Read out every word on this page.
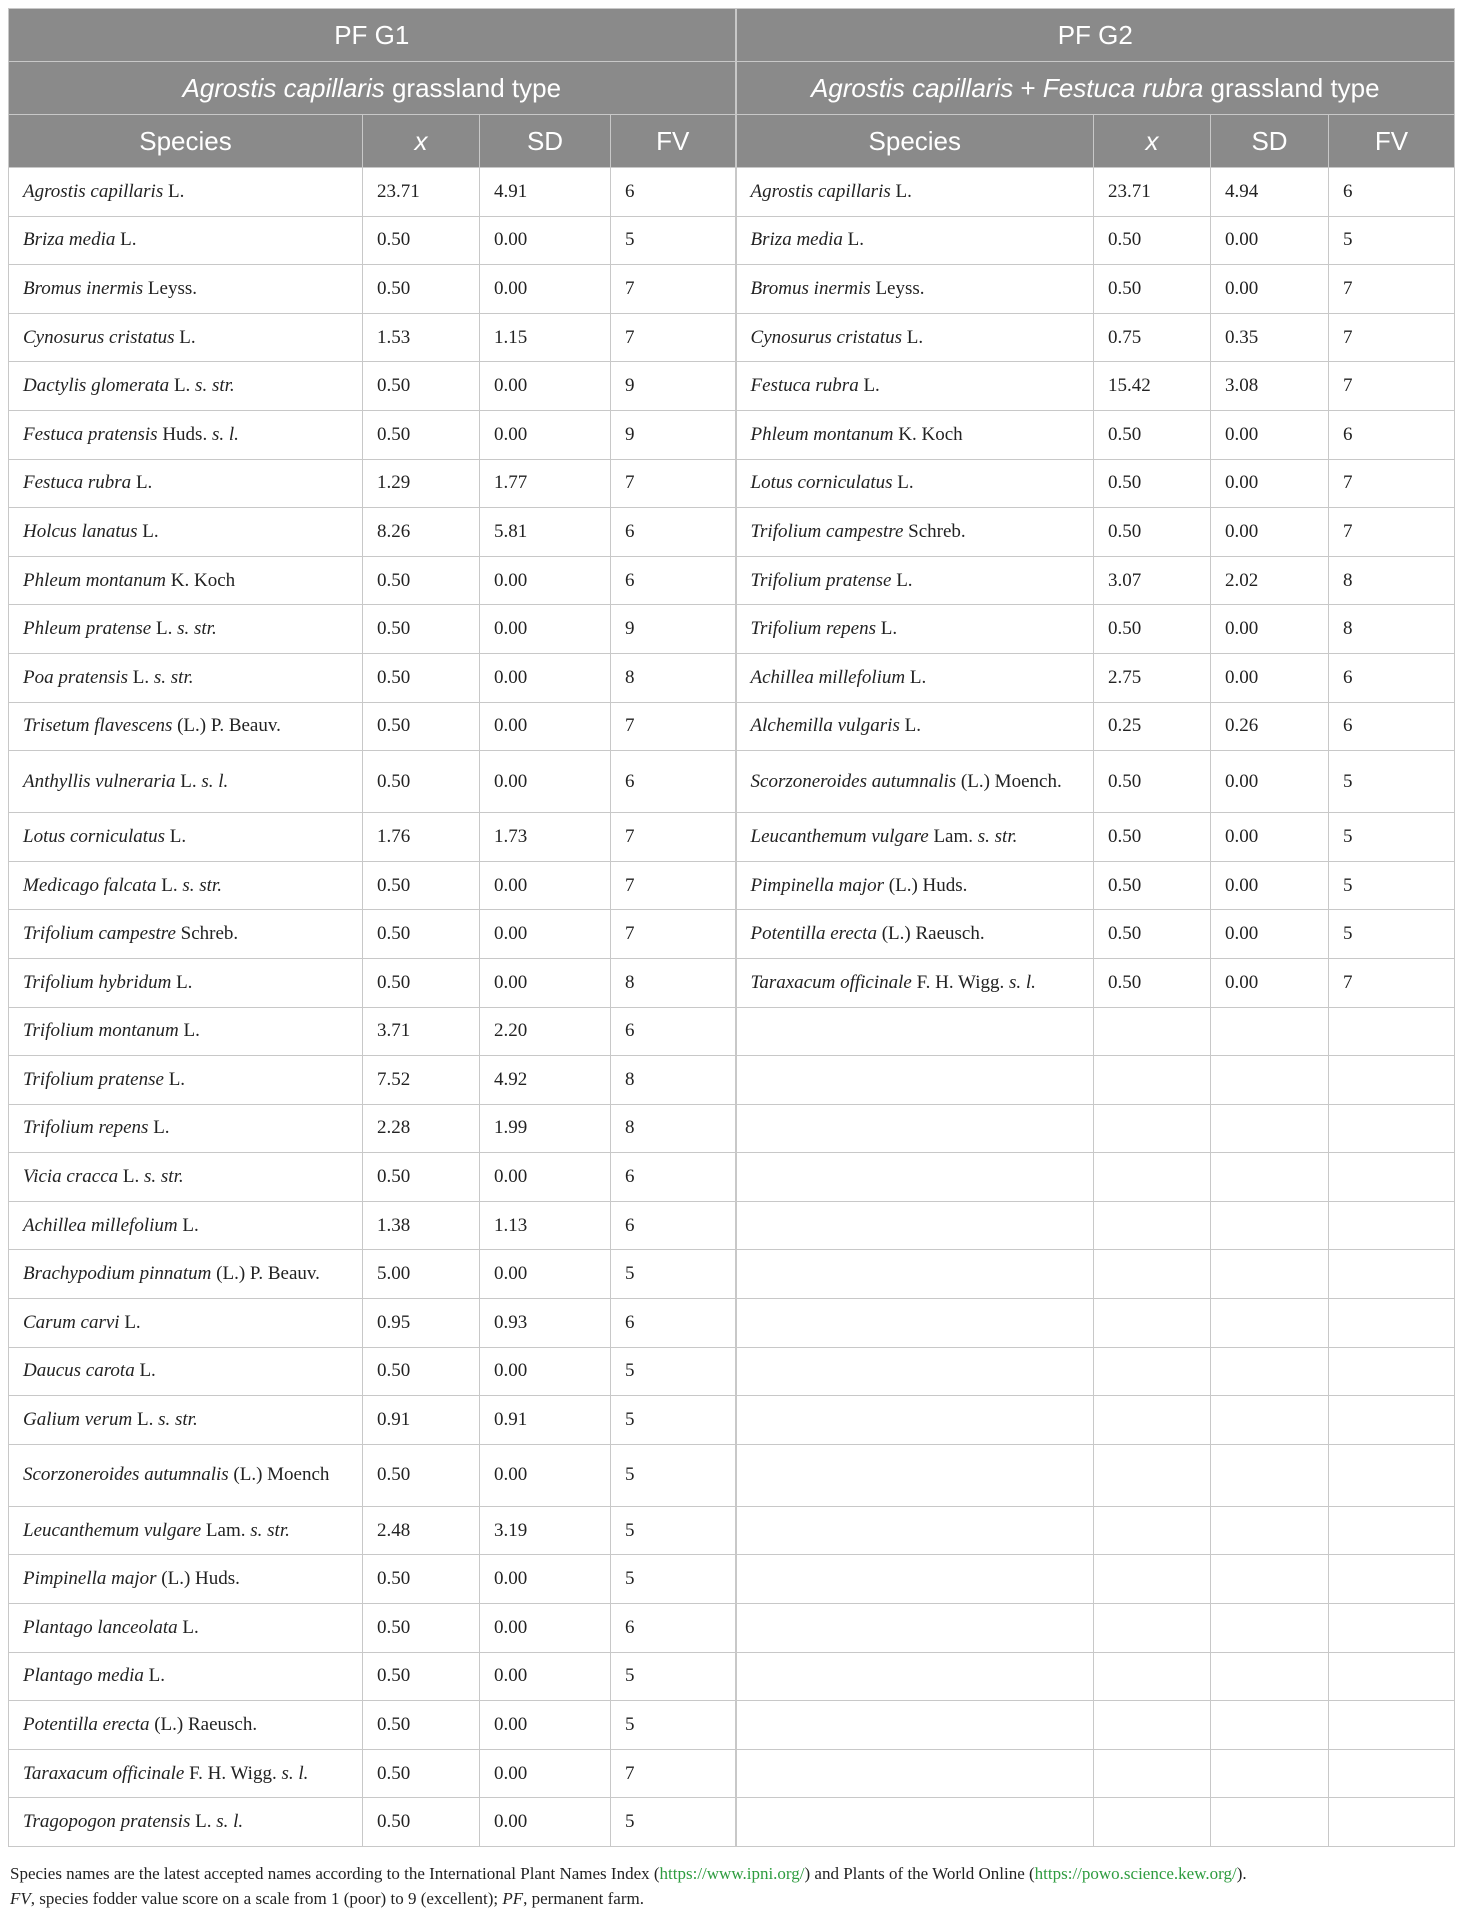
PF G1				PF G2			
Agrostis capillaris grassland type				Agrostis capillaris + Festuca rubra grassland type			
Species	x	SD	FV	Species	x	SD	FV
Agrostis capillaris L.	23.71	4.91	6	Agrostis capillaris L.	23.71	4.94	6
Briza media L.	0.50	0.00	5	Briza media L.	0.50	0.00	5
Bromus inermis Leyss.	0.50	0.00	7	Bromus inermis Leyss.	0.50	0.00	7
Cynosurus cristatus L.	1.53	1.15	7	Cynosurus cristatus L.	0.75	0.35	7
Dactylis glomerata L. s. str.	0.50	0.00	9	Festuca rubra L.	15.42	3.08	7
Festuca pratensis Huds. s. l.	0.50	0.00	9	Phleum montanum K. Koch	0.50	0.00	6
Festuca rubra L.	1.29	1.77	7	Lotus corniculatus L.	0.50	0.00	7
Holcus lanatus L.	8.26	5.81	6	Trifolium campestre Schreb.	0.50	0.00	7
Phleum montanum K. Koch	0.50	0.00	6	Trifolium pratense L.	3.07	2.02	8
Phleum pratense L. s. str.	0.50	0.00	9	Trifolium repens L.	0.50	0.00	8
Poa pratensis L. s. str.	0.50	0.00	8	Achillea millefolium L.	2.75	0.00	6
Trisetum flavescens (L.) P. Beauv.	0.50	0.00	7	Alchemilla vulgaris L.	0.25	0.26	6
Anthyllis vulneraria L. s. l.	0.50	0.00	6	Scorzoneroides autumnalis (L.) Moench.	0.50	0.00	5
Lotus corniculatus L.	1.76	1.73	7	Leucanthemum vulgare Lam. s. str.	0.50	0.00	5
Medicago falcata L. s. str.	0.50	0.00	7	Pimpinella major (L.) Huds.	0.50	0.00	5
Trifolium campestre Schreb.	0.50	0.00	7	Potentilla erecta (L.) Raeusch.	0.50	0.00	5
Trifolium hybridum L.	0.50	0.00	8	Taraxacum officinale F. H. Wigg. s. l.	0.50	0.00	7
Trifolium montanum L.	3.71	2.20	6				
Trifolium pratense L.	7.52	4.92	8				
Trifolium repens L.	2.28	1.99	8				
Vicia cracca L. s. str.	0.50	0.00	6				
Achillea millefolium L.	1.38	1.13	6				
Brachypodium pinnatum (L.) P. Beauv.	5.00	0.00	5				
Carum carvi L.	0.95	0.93	6				
Daucus carota L.	0.50	0.00	5				
Galium verum L. s. str.	0.91	0.91	5				
Scorzoneroides autumnalis (L.) Moench	0.50	0.00	5				
Leucanthemum vulgare Lam. s. str.	2.48	3.19	5				
Pimpinella major (L.) Huds.	0.50	0.00	5				
Plantago lanceolata L.	0.50	0.00	6				
Plantago media L.	0.50	0.00	5				
Potentilla erecta (L.) Raeusch.	0.50	0.00	5				
Taraxacum officinale F. H. Wigg. s. l.	0.50	0.00	7				
Tragopogon pratensis L. s. l.	0.50	0.00	5				
Species names are the latest accepted names according to the International Plant Names Index (https://www.ipni.org/) and Plants of the World Online (https://powo.science.kew.org/).
FV, species fodder value score on a scale from 1 (poor) to 9 (excellent); PF, permanent farm.
